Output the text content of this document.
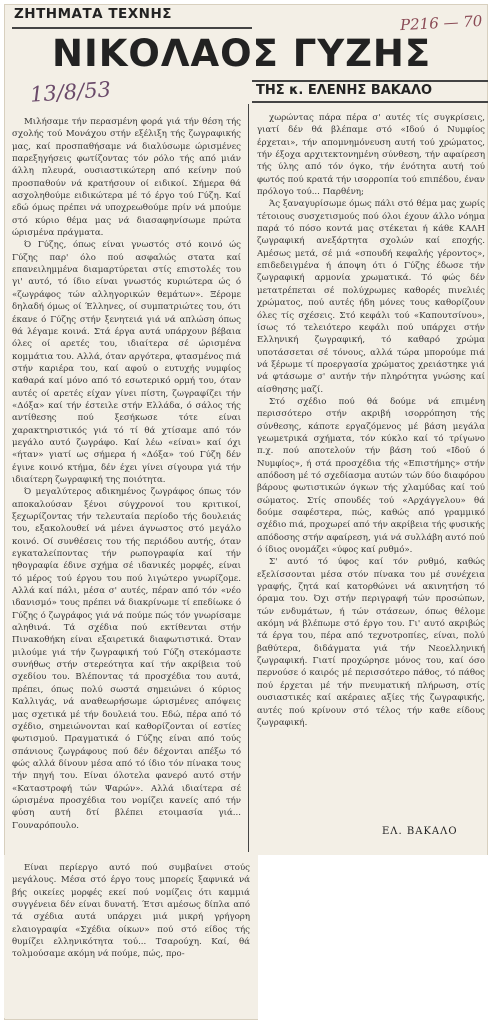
ΖΗΤΗΜΑΤΑ ΤΕΧΝΗΣ	P216 — 70
ΝΙΚΟΛΑΟΣ ΓΥΖΗΣ
13/8/53	ΤΗΣ κ. ΕΛΕΝΗΣ ΒΑΚΑΛΟ

Μιλήσαμε τήν περασμένη φορά γιά τήν θέση τής σχολής τού Μονάχου στήν εξέλιξη τής ζωγραφικής μας, καί προσπαθήσαμε νά διαλύσωμε ώρισμένες παρεξηγήσεις φωτίζοντας τόν ρόλο τής από μιάν άλλη πλευρά, ουσιαστικώτερη από κείνην πού προσπαθούν νά κρατήσουν οί ειδικοί. Σήμερα θά ασχοληθούμε ειδικώτερα μέ τό έργο τού Γύζη. Καί εδώ όμως πρέπει νά υποχρεωθούμε πρίν νά μπούμε στό κύριο θέμα μας νά διασαφηνίσωμε πρώτα ώρισμένα πράγματα.

Ό Γύζης, όπως είναι γνωστός στό κοινό ώς Γύζης παρ' όλο πού ασφαλώς στατα καί επανειλημμένα διαμαρτύρεται στίς επιστολές του γι' αυτό, τό ίδιο είναι γνωστός κυριώτερα ώς ό «ζωγράφος τών αλληγορικών θεμάτων». Ξέρομε δηλαδή όμως οί Έλληνες, οί συμπατριώτες του, ότι έκανε ό Γύζης στήν ξενητειά γιά νά απλώση όπως θά λέγαμε κοινά. Στά έργα αυτά υπάρχουν βέβαια όλες οί αρετές του, ιδιαίτερα σέ ώρισμένα κομμάτια του. Αλλά, όταν αργότερα, φτασμένος πιά στήν καριέρα του, καί αφού ο ευτυχής νυμφίος καθαρά καί μόνο από τό εσωτερικό ορμή του, όταν αυτές οί αρετές είχαν γίνει πίστη, ζωγραφίζει τήν «Δόξα» καί τήν έστειλε στήν Ελλάδα, ό σάλος τής αντίθεσης πού ξεσήκωσε τότε είναι χαρακτηριστικός γιά τό τί θά χτίσαμε από τόν μεγάλο αυτό ζωγράφο. Καί λέω «είναι» καί όχι «ήταν» γιατί ως σήμερα ή «Δόξα» τού Γύζη δέν έγινε κοινό κτήμα, δέν έχει γίνει σίγουρα γιά τήν ιδιαίτερη ζωγραφική της ποιότητα.

Ό μεγαλύτερος αδικημένος ζωγράφος όπως τόν αποκαλούσαν ξένοι σύγχρονοί του κριτικοί, ξεχωρίζοντας τήν τελευταία περίοδο τής δουλειάς του, εξακολουθεί νά μένει άγνωστος στό μεγάλο κοινό. Οί συνθέσεις του τής περιόδου αυτής, όταν εγκαταλείποντας τήν ρωπογραφία καί τήν ηθογραφία έδινε σχήμα σέ ιδανικές μορφές, είναι τό μέρος τού έργου του πού λιγώτερο γνωρίζομε. Αλλά καί πάλι, μέσα σ' αυτές, πέραν από τόν «νέο ιδανισμό» τους πρέπει νά διακρίνωμε τί επεδίωκε ό Γύζης ό ζωγράφος γιά νά πούμε πώς τόν γνωρίσαμε αληθινά. Τά σχέδια πού εκτίθενται στήν Πινακοθήκη είναι εξαιρετικά διαφωτιστικά. Όταν μιλούμε γιά τήν ζωγραφική τού Γύζη στεκόμαστε συνήθως στήν στερεότητα καί τήν ακρίβεια τού σχεδίου του. Βλέποντας τά προσχέδια του αυτά, πρέπει, όπως πολύ σωστά σημειώνει ό κύριος Καλλιγάς, νά αναθεωρήσωμε ώρισμένες απόψεις μας σχετικά μέ τήν δουλειά του. Εδώ, πέρα από τό σχέδιο, σημειώνονται καί καθορίζονται οί εστίες φωτισμού. Πραγματικά ό Γύζης είναι από τούς σπάνιους ζωγράφους πού δέν δέχονται απέξω τό φώς αλλά δίνουν μέσα από τό ίδιο τόν πίνακα τους τήν πηγή του. Είναι όλοτελα φανερό αυτό στήν «Καταστροφή τών Ψαρών». Αλλά ιδιαίτερα σέ ώρισμένα προσχέδια του νομίζει κανείς από τήν φύση αυτή δτί βλέπει ετοιμασία γιά... Γουναρόπουλο.

χωρώντας πάρα πέρα σ' αυτές τίς συγκρίσεις, γιατί δέν θά βλέπαμε στό «Ιδού ό Νυμφίος έρχεται», τήν απομνημόνευση αυτή τού χρώματος, τήν έξοχα αρχιτεκτονημένη σύνθεση, τήν αφαίρεση τής ύλης από τόν όγκο, τήν ένότητα αυτή τού φωτός πού κρατά τήν ισορροπία τού επιπέδου, έναν πρόλογο τού... Παρθένη;

Άς ξαναγυρίσωμε όμως πάλι στό θέμα μας χωρίς τέτοιους συσχετισμούς πού όλοι έχουν άλλο νόημα παρά τό πόσο κοντά μας στέκεται ή κάθε ΚΑΛΗ ζωγραφική ανεξάρτητα σχολών καί εποχής. Αμέσως μετά, σέ μιά «σπουδή κεφαλής γέροντος», επιδεδειγμένα ή άποψη ότι ό Γύζης έδωσε τήν ζωγραφική αρμονία χρωματικά. Τό φώς δέν μετατρέπεται σέ πολύχρωμες καθορές πινελιές χρώματος, πού αυτές ήδη μόνες τους καθορίζουν όλες τίς σχέσεις. Στό κεφάλι τού «Καπουτσίνου», ίσως τό τελειότερο κεφάλι πού υπάρχει στήν Ελληνική ζωγραφική, τό καθαρό χρώμα υποτάσσεται σέ τόνους, αλλά τώρα μπορούμε πιά νά ξέρωμε τί προεργασία χρώματος χρειάστηκε γιά νά φτάσωμε σ' αυτήν τήν πληρότητα γνώσης καί αίσθησης μαζί.

Στό σχέδιο πού θά δούμε νά επιμένη περισσότερο στήν ακριβή ισορρόπηση τής σύνθεσης, κάποτε εργαζόμενος μέ βάση μεγάλα γεωμετρικά σχήματα, τόν κύκλο καί τό τρίγωνο π.χ. πού αποτελούν τήν βάση τού «Ιδού ό Νυμφίος», ή στά προσχέδια τής «Επιστήμης» στήν απόδοση μέ τό σχεδίασμα αυτών τών δύο διαφόρου βάρους φωτιστικών όγκων τής χλαμύδας καί τού σώματος. Στίς σπουδές τού «Αρχάγγελου» θά δούμε σαφέστερα, πώς, καθώς από γραμμικό σχέδιο πιά, προχωρεί από τήν ακρίβεια τής φυσικής απόδοσης στήν αφαίρεση, γιά νά συλλάβη αυτό πού ό ίδιος ονομάζει «ύφος καί ρυθμό».

Σ' αυτό τό ύφος καί τόν ρυθμό, καθώς εξελίσσονται μέσα στόν πίνακα του μέ συνέχεια γραφής, ζητά καί κατορθώνει νά ακινητήση τό όραμα του. Όχι στήν περιγραφή τών προσώπων, τών ενδυμάτων, ή τών στάσεων, όπως θέλομε ακόμη νά βλέπωμε στό έργο του. Γι' αυτό ακριβώς τά έργα του, πέρα από τεχνοτροπίες, είναι, πολύ βαθύτερα, διδάγματα γιά τήν Νεοελληνική ζωγραφική. Γιατί προχώρησε μόνος του, καί όσο περνούσε ό καιρός μέ περισσότερο πάθος, τό πάθος πού έρχεται μέ τήν πνευματική πλήρωση, στίς ουσιαστικές καί ακέραιες αξίες τής ζωγραφικής, αυτές πού κρίνουν στό τέλος τήν καθε είδους ζωγραφική.

ΕΛ. ΒΑΚΑΛΟ

Είναι περίεργο αυτό πού συμβαίνει στούς μεγάλους. Μέσα στό έργο τους μπορείς ξαφνικά νά βής οικείες μορφές εκεί πού νομίζεις ότι καμμιά συγγένεια δέν είναι δυνατή. Έτσι αμέσως δίπλα από τά σχέδια αυτά υπάρχει μιά μικρή γρήγορη ελαιογραφία «Σχέδια οίκων» πού στό είδος τής θυμίζει ελληνικότητα τού... Τσαρούχη. Καί, θά τολμούσαμε ακόμη νά πούμε, πώς, προ-
